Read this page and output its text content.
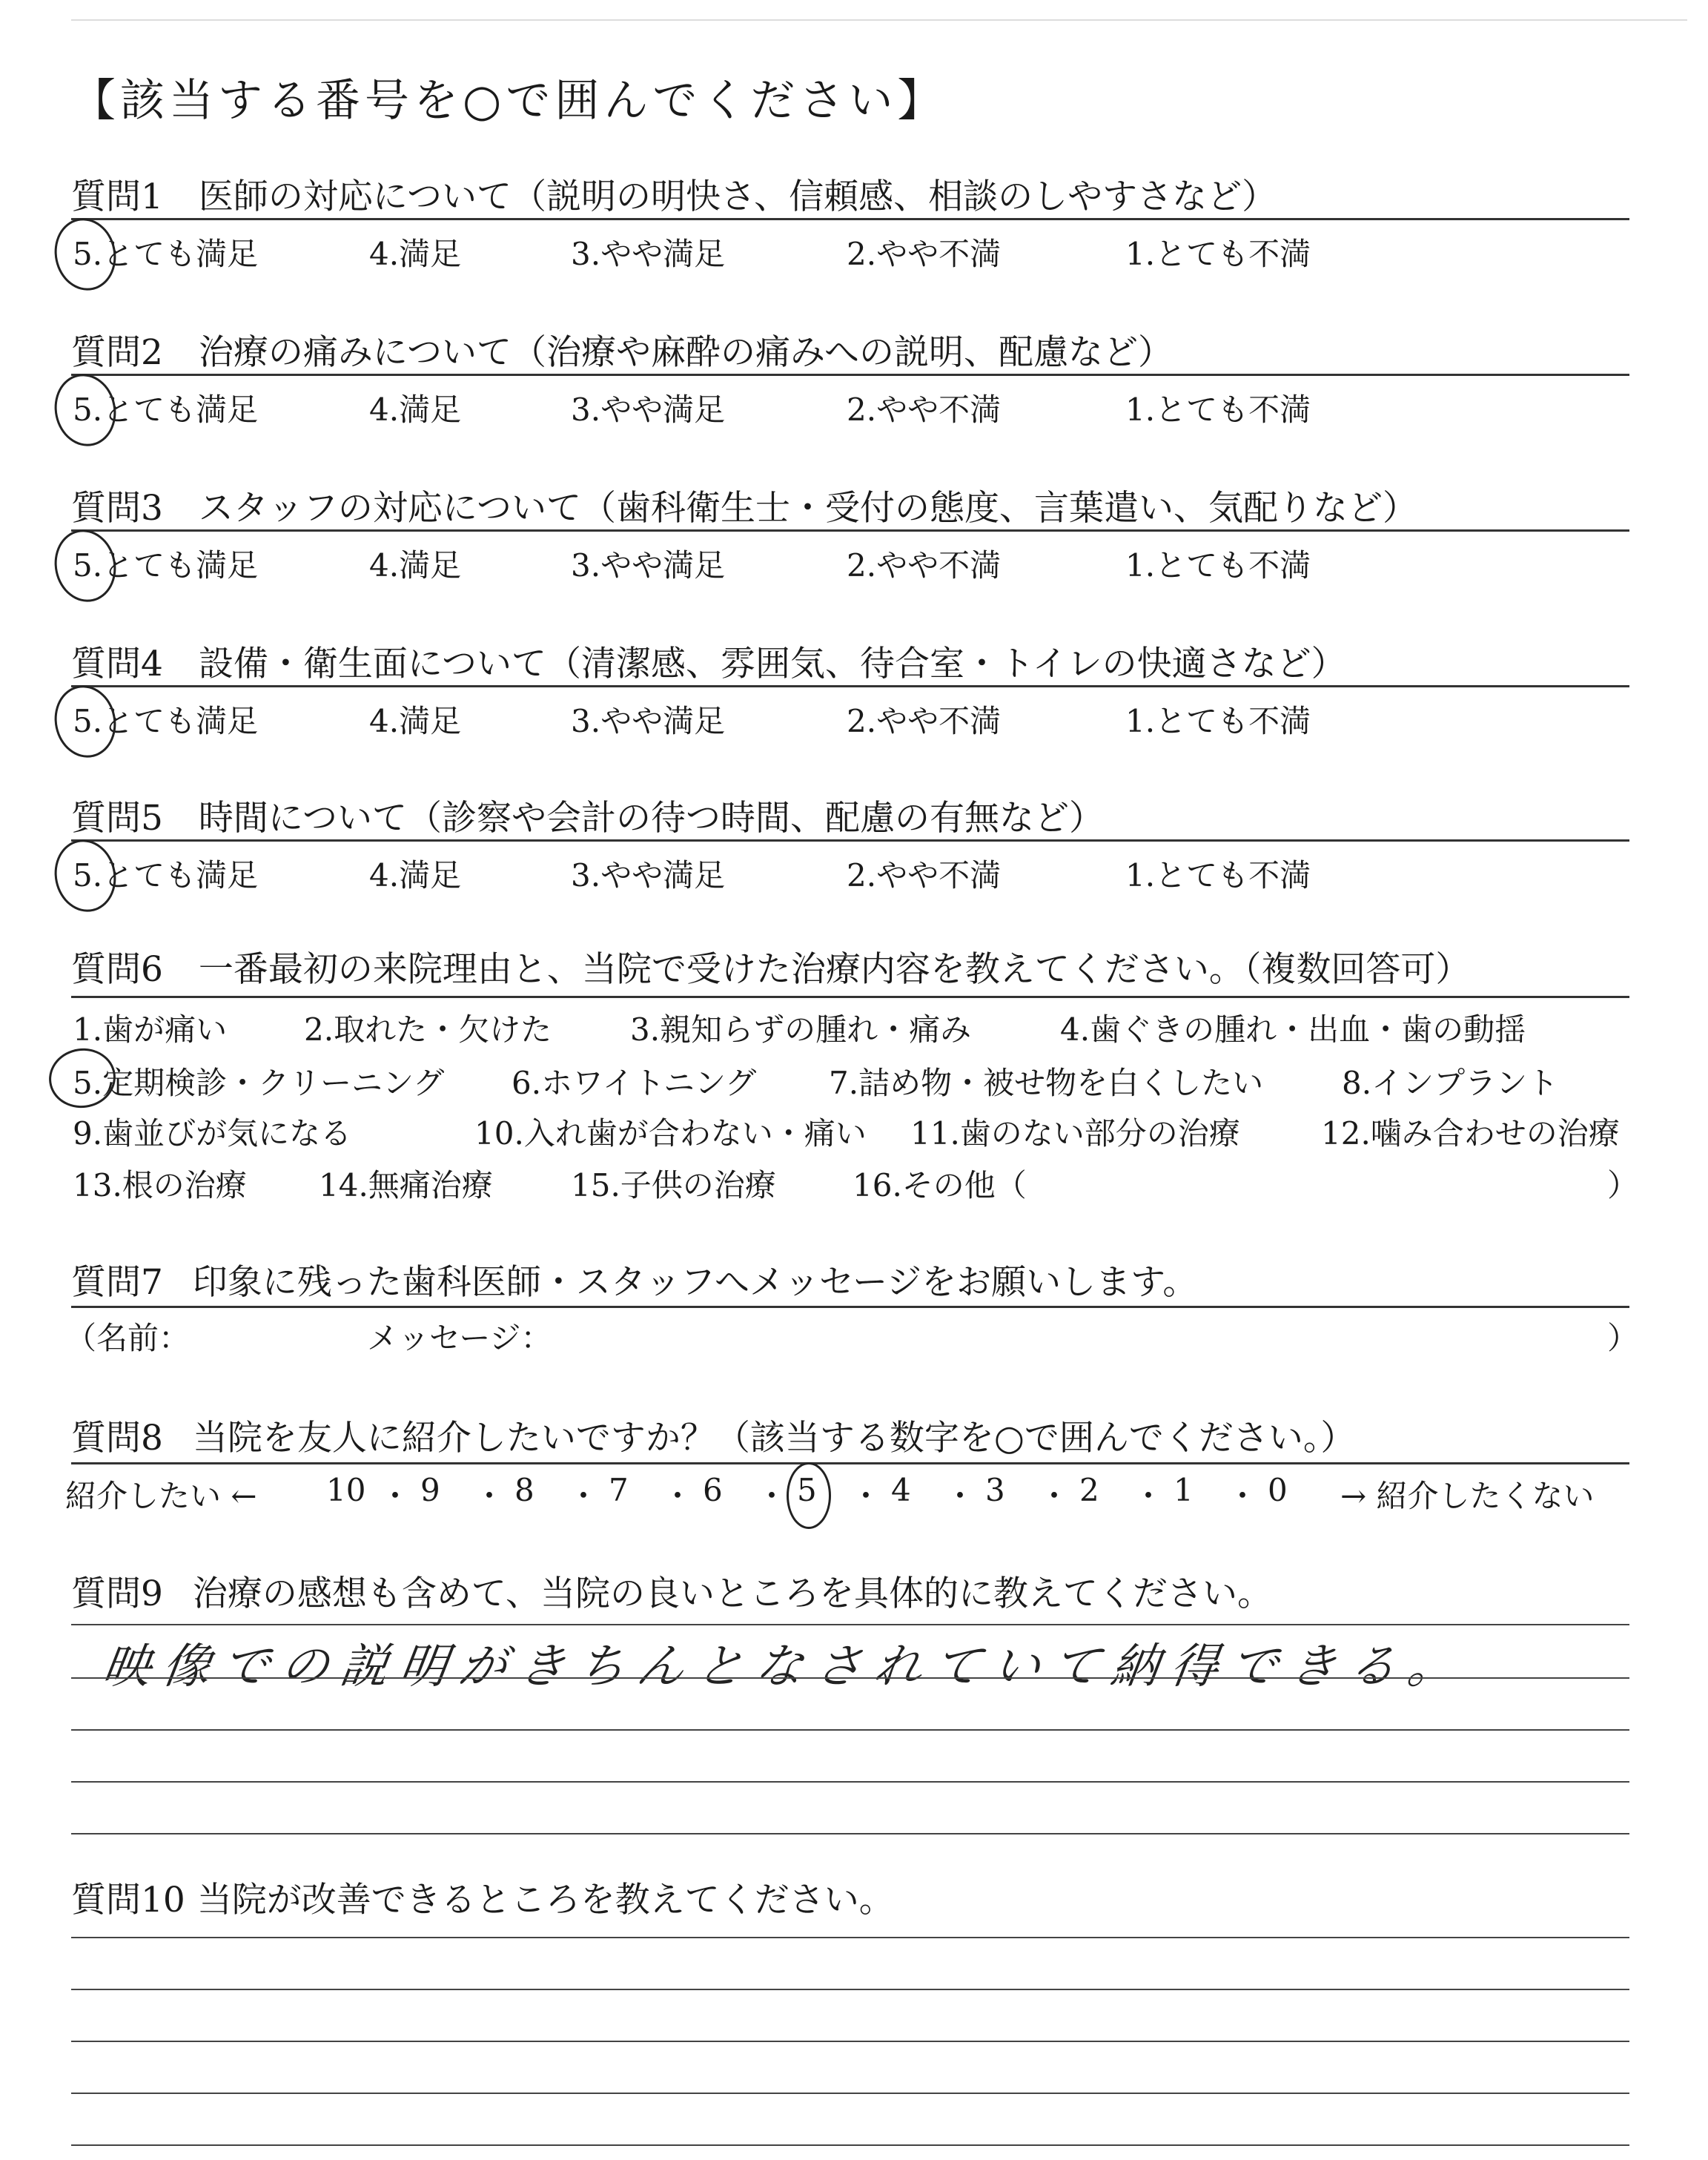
【該当する番号を○で囲んでください】
質問1 医師の対応について（説明の明快さ、信頼感、相談のしやすさなど）
5.とても満足	4.満足	3.やや満足	2.やや不満	1.とても不満
質問2 治療の痛みについて（治療や麻酔の痛みへの説明、配慮など）
5.とても満足	4.満足	3.やや満足	2.やや不満	1.とても不満
質問3 スタッフの対応について（歯科衛生士・受付の態度、言葉遣い、気配りなど）
5.とても満足	4.満足	3.やや満足	2.やや不満	1.とても不満
質問4 設備・衛生面について（清潔感、雰囲気、待合室・トイレの快適さなど）
5.とても満足	4.満足	3.やや満足	2.やや不満	1.とても不満
質問5 時間について（診察や会計の待つ時間、配慮の有無など）
5.とても満足	4.満足	3.やや満足	2.やや不満	1.とても不満
質問6 一番最初の来院理由と、当院で受けた治療内容を教えてください。（複数回答可）
1.歯が痛い 2.取れた・欠けた	3.親知らずの腫れ・痛み	4.歯ぐきの腫れ・出血・歯の動揺
5.定期検診・クリーニング 6.ホワイトニング 7.詰め物・被せ物を白くしたい	8.インプラント
9.歯並びが気になる	10.入れ歯が合わない・痛い 11.歯のない部分の治療	12.噛み合わせの治療
13.根の治療 14.無痛治療	15.子供の治療 16.その他（	）
質問7 印象に残った歯科医師・スタッフへメッセージをお願いします。
（名前：	メッセージ：	）
質問8 当院を友人に紹介したいですか？（該当する数字を○で囲んでください。）
紹介したい ← 10 ・ 9 ・ 8 ・ 7 ・ 6 ・ 5 ・ 4 ・ 3 ・ 2 ・ 1 ・ 0 → 紹介したくない
質問9 治療の感想も含めて、当院の良いところを具体的に教えてください。
映像での説明がきちんとなされていて納得できる。
質問10 当院が改善できるところを教えてください。
